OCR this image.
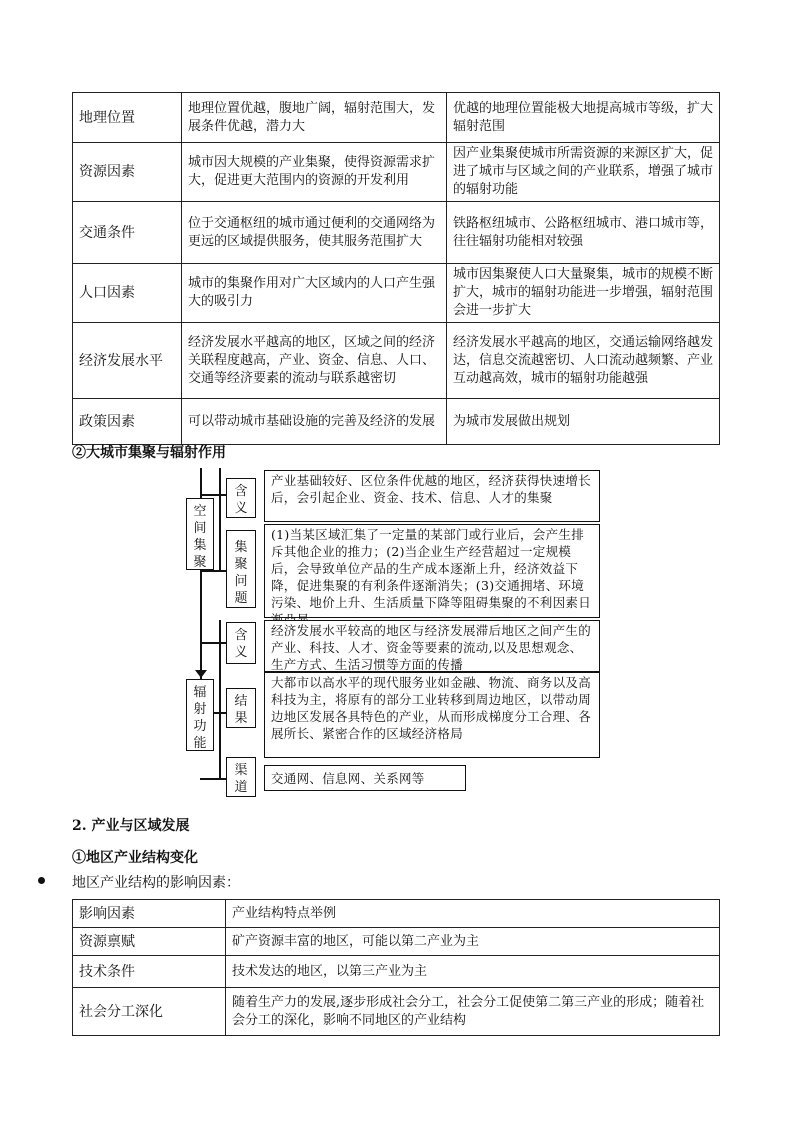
地理位置	地理位置优越，腹地广阔，辐射范围大，发展条件优越，潜力大	优越的地理位置能极大地提高城市等级，扩大辐射范围
资源因素	城市因大规模的产业集聚，使得资源需求扩大，促进更大范围内的资源的开发利用	因产业集聚使城市所需资源的来源区扩大，促进了城市与区域之间的产业联系，增强了城市的辐射功能
交通条件	位于交通枢纽的城市通过便利的交通网络为更远的区域提供服务，使其服务范围扩大	铁路枢纽城市、公路枢纽城市、港口城市等，往往辐射功能相对较强
人口因素	城市的集聚作用对广大区域内的人口产生强大的吸引力	城市因集聚使人口大量聚集，城市的规模不断扩大，城市的辐射功能进一步增强，辐射范围会进一步扩大
经济发展水平	经济发展水平越高的地区，区域之间的经济关联程度越高，产业、资金、信息、人口、交通等经济要素的流动与联系越密切	经济发展水平越高的地区，交通运输网络越发达，信息交流越密切、人口流动越频繁、产业互动越高效，城市的辐射功能越强
政策因素	可以带动城市基础设施的完善及经济的发展	为城市发展做出规划
②大城市集聚与辐射作用
空间集聚
辐射功能
含义
集聚问题
含义
结果
渠道
产业基础较好、区位条件优越的地区，经济获得快速增长后，会引起企业、资金、技术、信息、人才的集聚
(1)当某区域汇集了一定量的某部门或行业后，会产生排斥其他企业的推力；(2)当企业生产经营超过一定规模后，会导致单位产品的生产成本逐渐上升，经济效益下降，促进集聚的有利条件逐渐消失；(3)交通拥堵、环境污染、地价上升、生活质量下降等阻碍集聚的不利因素日
经济发展水平较高的地区与经济发展滞后地区之间产生的产业、科技、人才、资金等要素的流动,以及思想观念、生产方式、生活习惯等方面的传播
大都市以高水平的现代服务业如金融、物流、商务以及高科技为主，将原有的部分工业转移到周边地区，以带动周边地区发展各具特色的产业，从而形成梯度分工合理、各展所长、紧密合作的区域经济格局
交通网、信息网、关系网等
2. 产业与区域发展
①地区产业结构变化
地区产业结构的影响因素：
影响因素	产业结构特点举例
资源禀赋	矿产资源丰富的地区，可能以第二产业为主
技术条件	技术发达的地区，以第三产业为主
社会分工深化	随着生产力的发展,逐步形成社会分工，社会分工促使第二第三产业的形成；随着社会分工的深化，影响不同地区的产业结构
